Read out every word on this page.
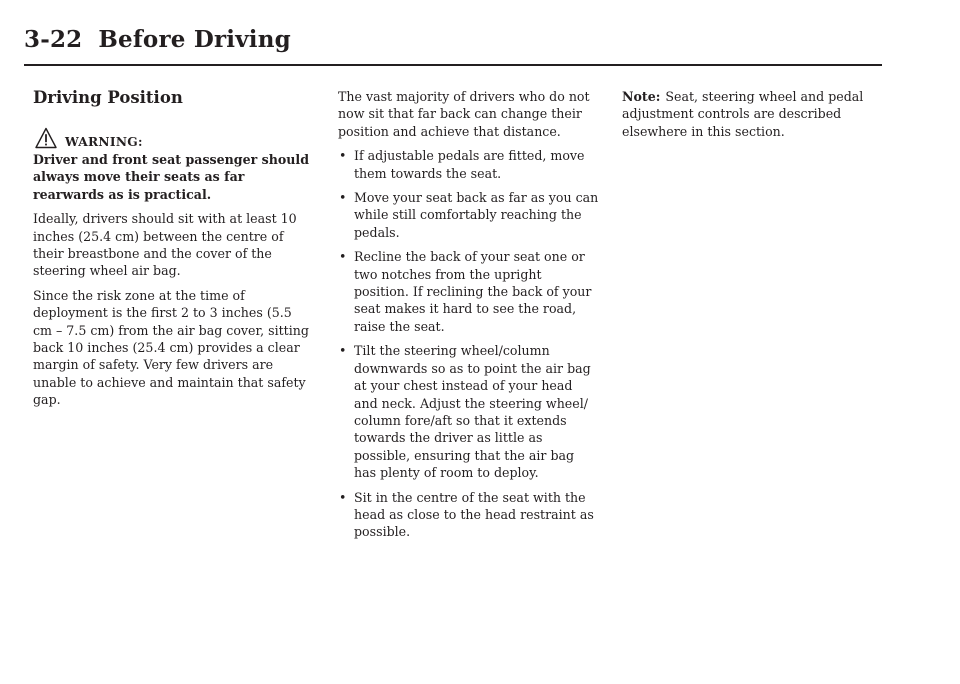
3-22 Before Driving
Driving Position
WARNING:

Driver and front seat passenger should always move their seats as far rearwards as is practical.

Ideally, drivers should sit with at least 10 inches (25.4 cm) between the centre of their breastbone and the cover of the steering wheel air bag.

Since the risk zone at the time of deployment is the first 2 to 3 inches (5.5 cm – 7.5 cm) from the air bag cover, sitting back 10 inches (25.4 cm) provides a clear margin of safety. Very few drivers are unable to achieve and maintain that safety gap.

The vast majority of drivers who do not now sit that far back can change their position and achieve that distance.

• If adjustable pedals are fitted, move them towards the seat.
• Move your seat back as far as you can while still comfortably reaching the pedals.
• Recline the back of your seat one or two notches from the upright position. If reclining the back of your seat makes it hard to see the road, raise the seat.
• Tilt the steering wheel/column downwards so as to point the air bag at your chest instead of your head and neck. Adjust the steering wheel/ column fore/aft so that it extends towards the driver as little as possible, ensuring that the air bag has plenty of room to deploy.
• Sit in the centre of the seat with the head as close to the head restraint as possible.

Note: Seat, steering wheel and pedal adjustment controls are described elsewhere in this section.
